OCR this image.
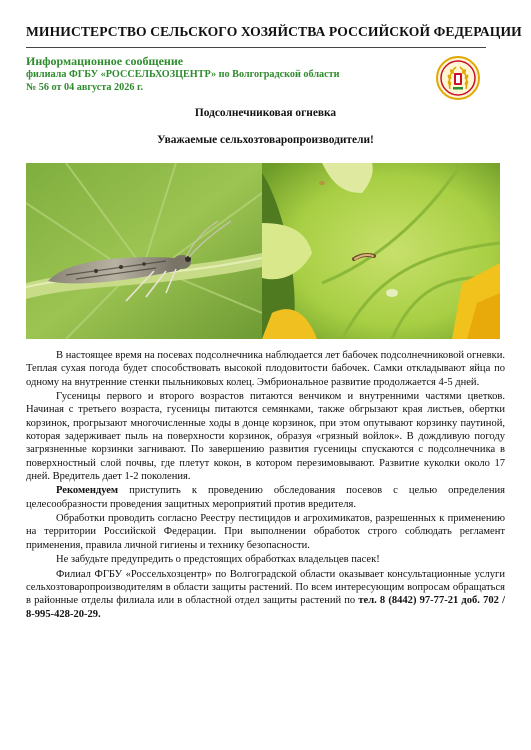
МИНИСТЕРСТВО СЕЛЬСКОГО ХОЗЯЙСТВА РОССИЙСКОЙ ФЕДЕРАЦИИ
Информационное сообщение
филиала ФГБУ «РОССЕЛЬХОЗЦЕНТР» по Волгоградской области
№ 56 от 04 августа 2026 г.
Подсолнечниковая огневка
Уважаемые сельхозтоваропроизводители!

В настоящее время на посевах подсолнечника наблюдается лет бабочек подсолнечниковой огневки. Теплая сухая погода будет способствовать высокой плодовитости бабочек. Самки откладывают яйца по одному на внутренние стенки пыльниковых колец. Эмбриональное развитие продолжается 4-5 дней.

Гусеницы первого и второго возрастов питаются венчиком и внутренними частями цветков. Начиная с третьего возраста, гусеницы питаются семянками, также обгрызают края листьев, обертки корзинок, прогрызают многочисленные ходы в донце корзинок, при этом опутывают корзинку паутиной, которая задерживает пыль на поверхности корзинок, образуя «грязный войлок». В дождливую погоду загрязненные корзинки загнивают. По завершению развития гусеницы спускаются с подсолнечника в поверхностный слой почвы, где плетут кокон, в котором перезимовывают. Развитие куколки около 17 дней. Вредитель дает 1-2 поколения.

Рекомендуем приступить к проведению обследования посевов с целью определения целесообразности проведения защитных мероприятий против вредителя.

Обработки проводить согласно Реестру пестицидов и агрохимикатов, разрешенных к применению на территории Российской Федерации. При выполнении обработок строго соблюдать регламент применения, правила личной гигиены и технику безопасности.

Не забудьте предупредить о предстоящих обработках владельцев пасек!

Филиал ФГБУ «Россельхозцентр» по Волгоградской области оказывает консультационные услуги сельхозтоваропроизводителям в области защиты растений. По всем интересующим вопросам обращаться в районные отделы филиала или в областной отдел защиты растений по тел. 8 (8442) 97-77-21 доб. 702 / 8-995-428-20-29.
